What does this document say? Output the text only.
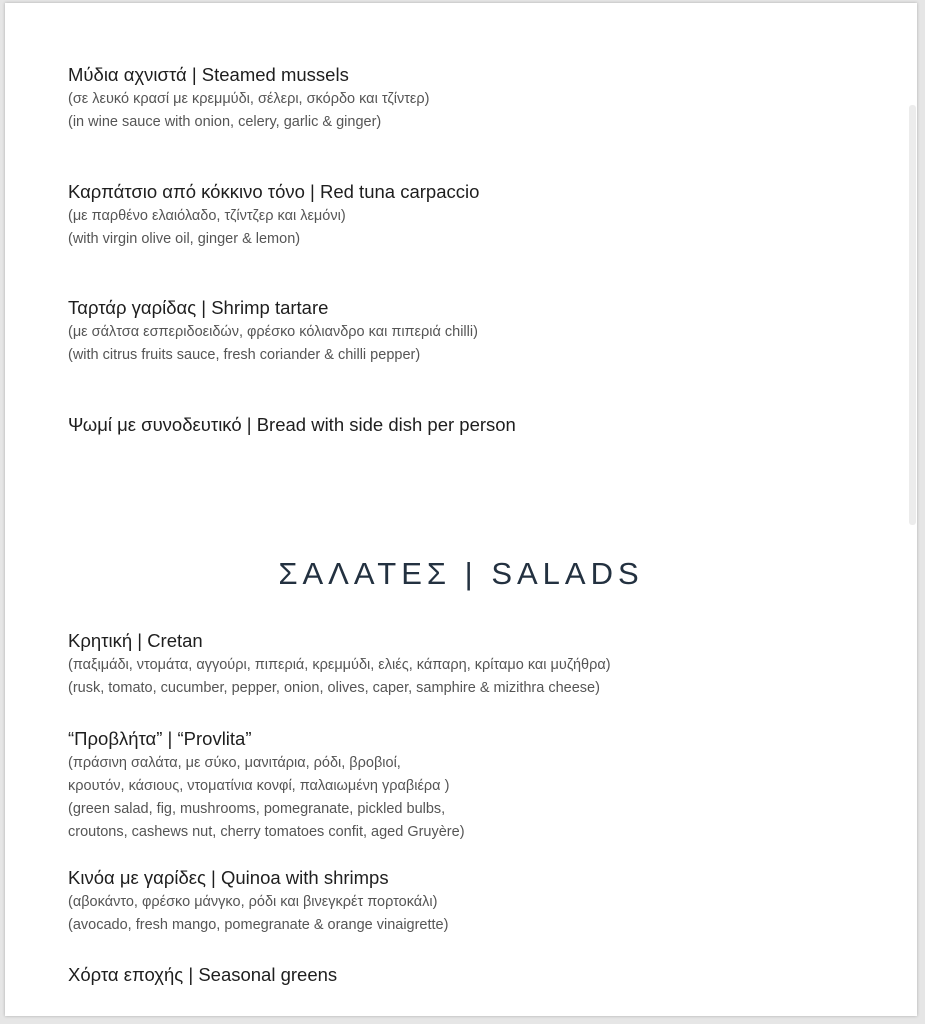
Μύδια αχνιστά | Steamed mussels
(σε λευκό κρασί με κρεμμύδι, σέλερι, σκόρδο και τζίντερ)
(in wine sauce with onion, celery, garlic & ginger)
Καρπάτσιο από κόκκινο τόνο | Red tuna carpaccio
(με παρθένο ελαιόλαδο, τζίντζερ και λεμόνι)
(with virgin olive oil, ginger & lemon)
Ταρτάρ γαρίδας | Shrimp tartare
(με σάλτσα εσπεριδοειδών, φρέσκο κόλιανδρο και πιπεριά chilli)
(with citrus fruits sauce, fresh coriander & chilli pepper)
Ψωμί με συνοδευτικό | Bread with side dish per person
Κρητική | Cretan
(παξιμάδι, ντομάτα, αγγούρι, πιπεριά, κρεμμύδι, ελιές, κάπαρη, κρίταμο και μυζήθρα)
(rusk, tomato, cucumber, pepper, onion, olives, caper, samphire & mizithra cheese)
“Προβλήτα” | “Provlita”
(πράσινη σαλάτα, με σύκο, μανιτάρια, ρόδι, βροβιοί,
κρουτόν, κάσιους, ντοματίνια κονφί, παλαιωμένη γραβιέρα )
(green salad, fig, mushrooms, pomegranate, pickled bulbs,
croutons, cashews nut, cherry tomatoes confit, aged Gruyère)
Κινόα με γαρίδες | Quinoa with shrimps
(αβοκάντο, φρέσκο μάνγκο, ρόδι και βινεγκρέτ πορτοκάλι)
(avocado, fresh mango, pomegranate & orange vinaigrette)
Χόρτα εποχής | Seasonal greens
ΣΑΛΑΤΕΣ | SALADS
